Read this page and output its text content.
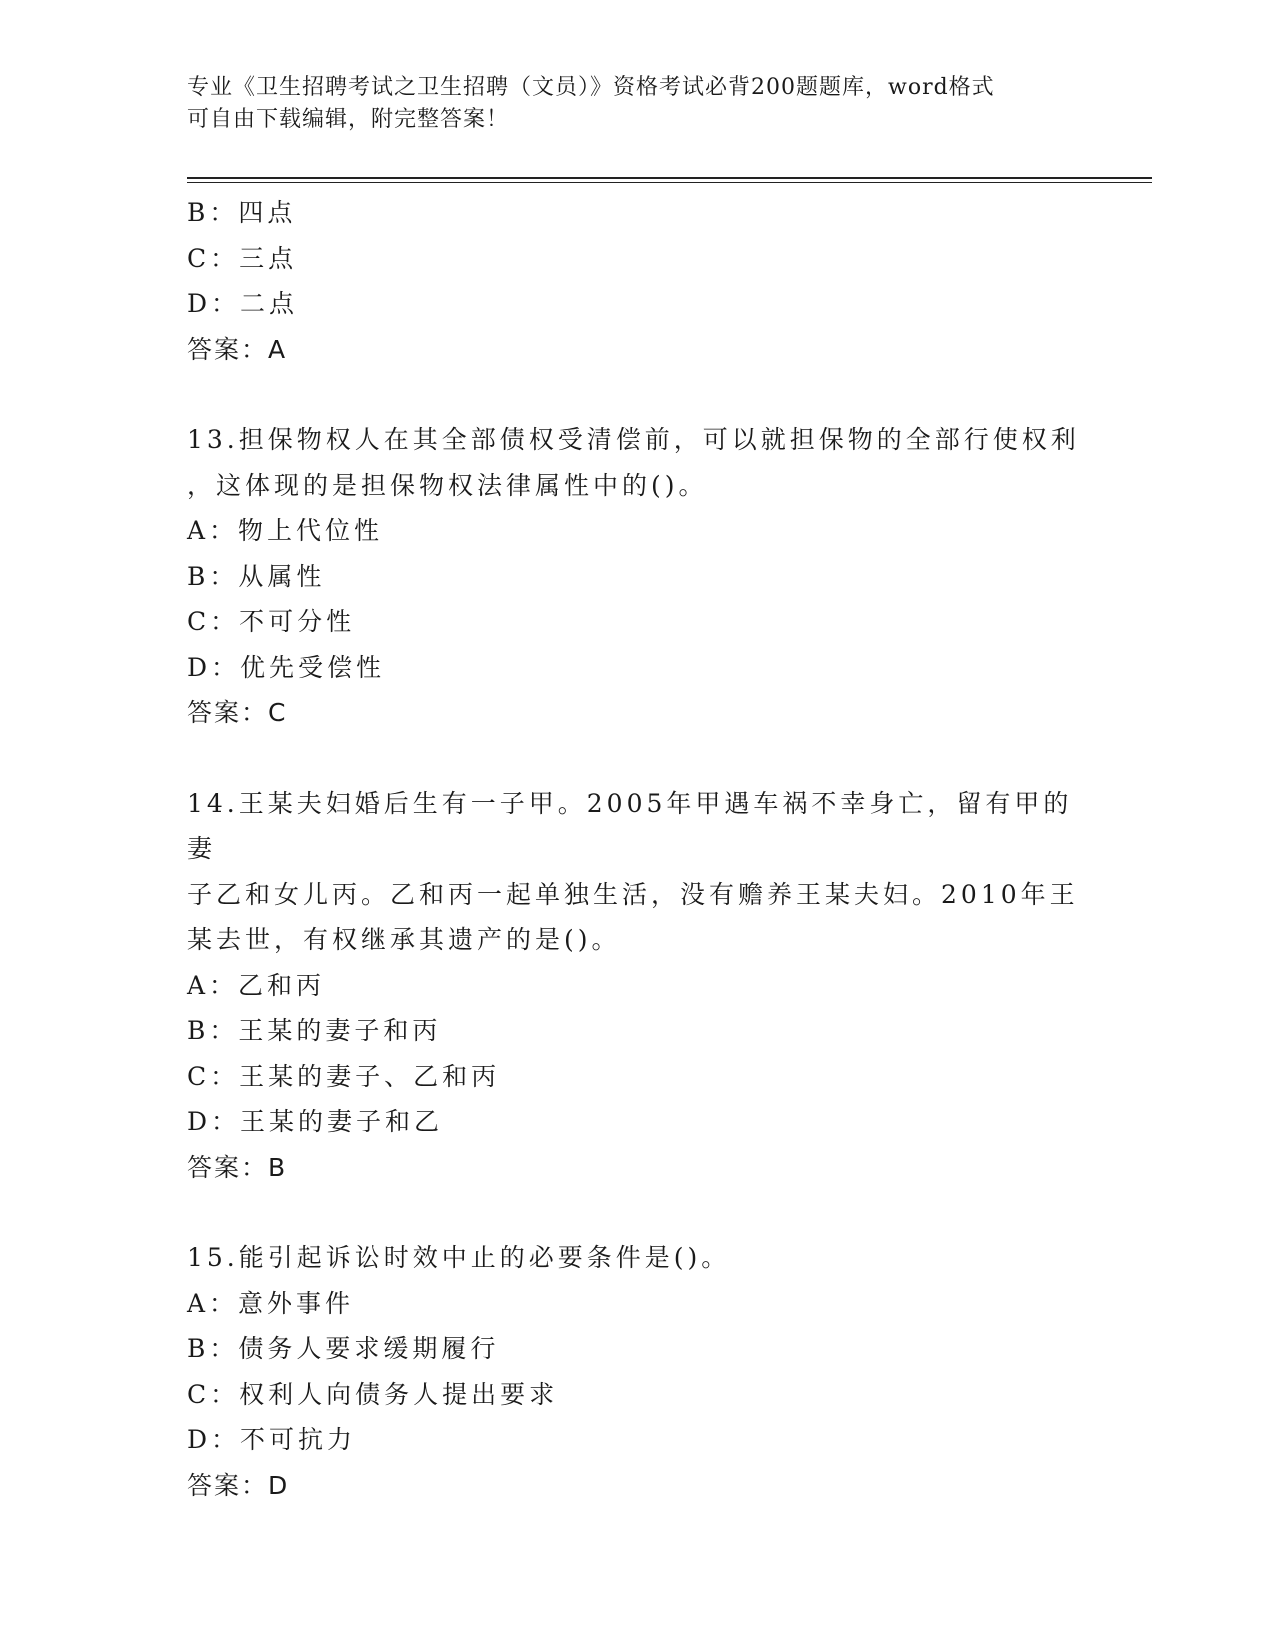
专业《卫生招聘考试之卫生招聘（文员）》资格考试必背200题题库，word格式
可自由下载编辑，附完整答案！
B：四点
C：三点
D：二点
答案：A
13.担保物权人在其全部债权受清偿前，可以就担保物的全部行使权利
，这体现的是担保物权法律属性中的()。
A：物上代位性
B：从属性
C：不可分性
D：优先受偿性
答案：C
14.王某夫妇婚后生有一子甲。2005年甲遇车祸不幸身亡，留有甲的妻
子乙和女儿丙。乙和丙一起单独生活，没有赡养王某夫妇。2010年王
某去世，有权继承其遗产的是()。
A：乙和丙
B：王某的妻子和丙
C：王某的妻子、乙和丙
D：王某的妻子和乙
答案：B
15.能引起诉讼时效中止的必要条件是()。
A：意外事件
B：债务人要求缓期履行
C：权利人向债务人提出要求
D：不可抗力
答案：D
